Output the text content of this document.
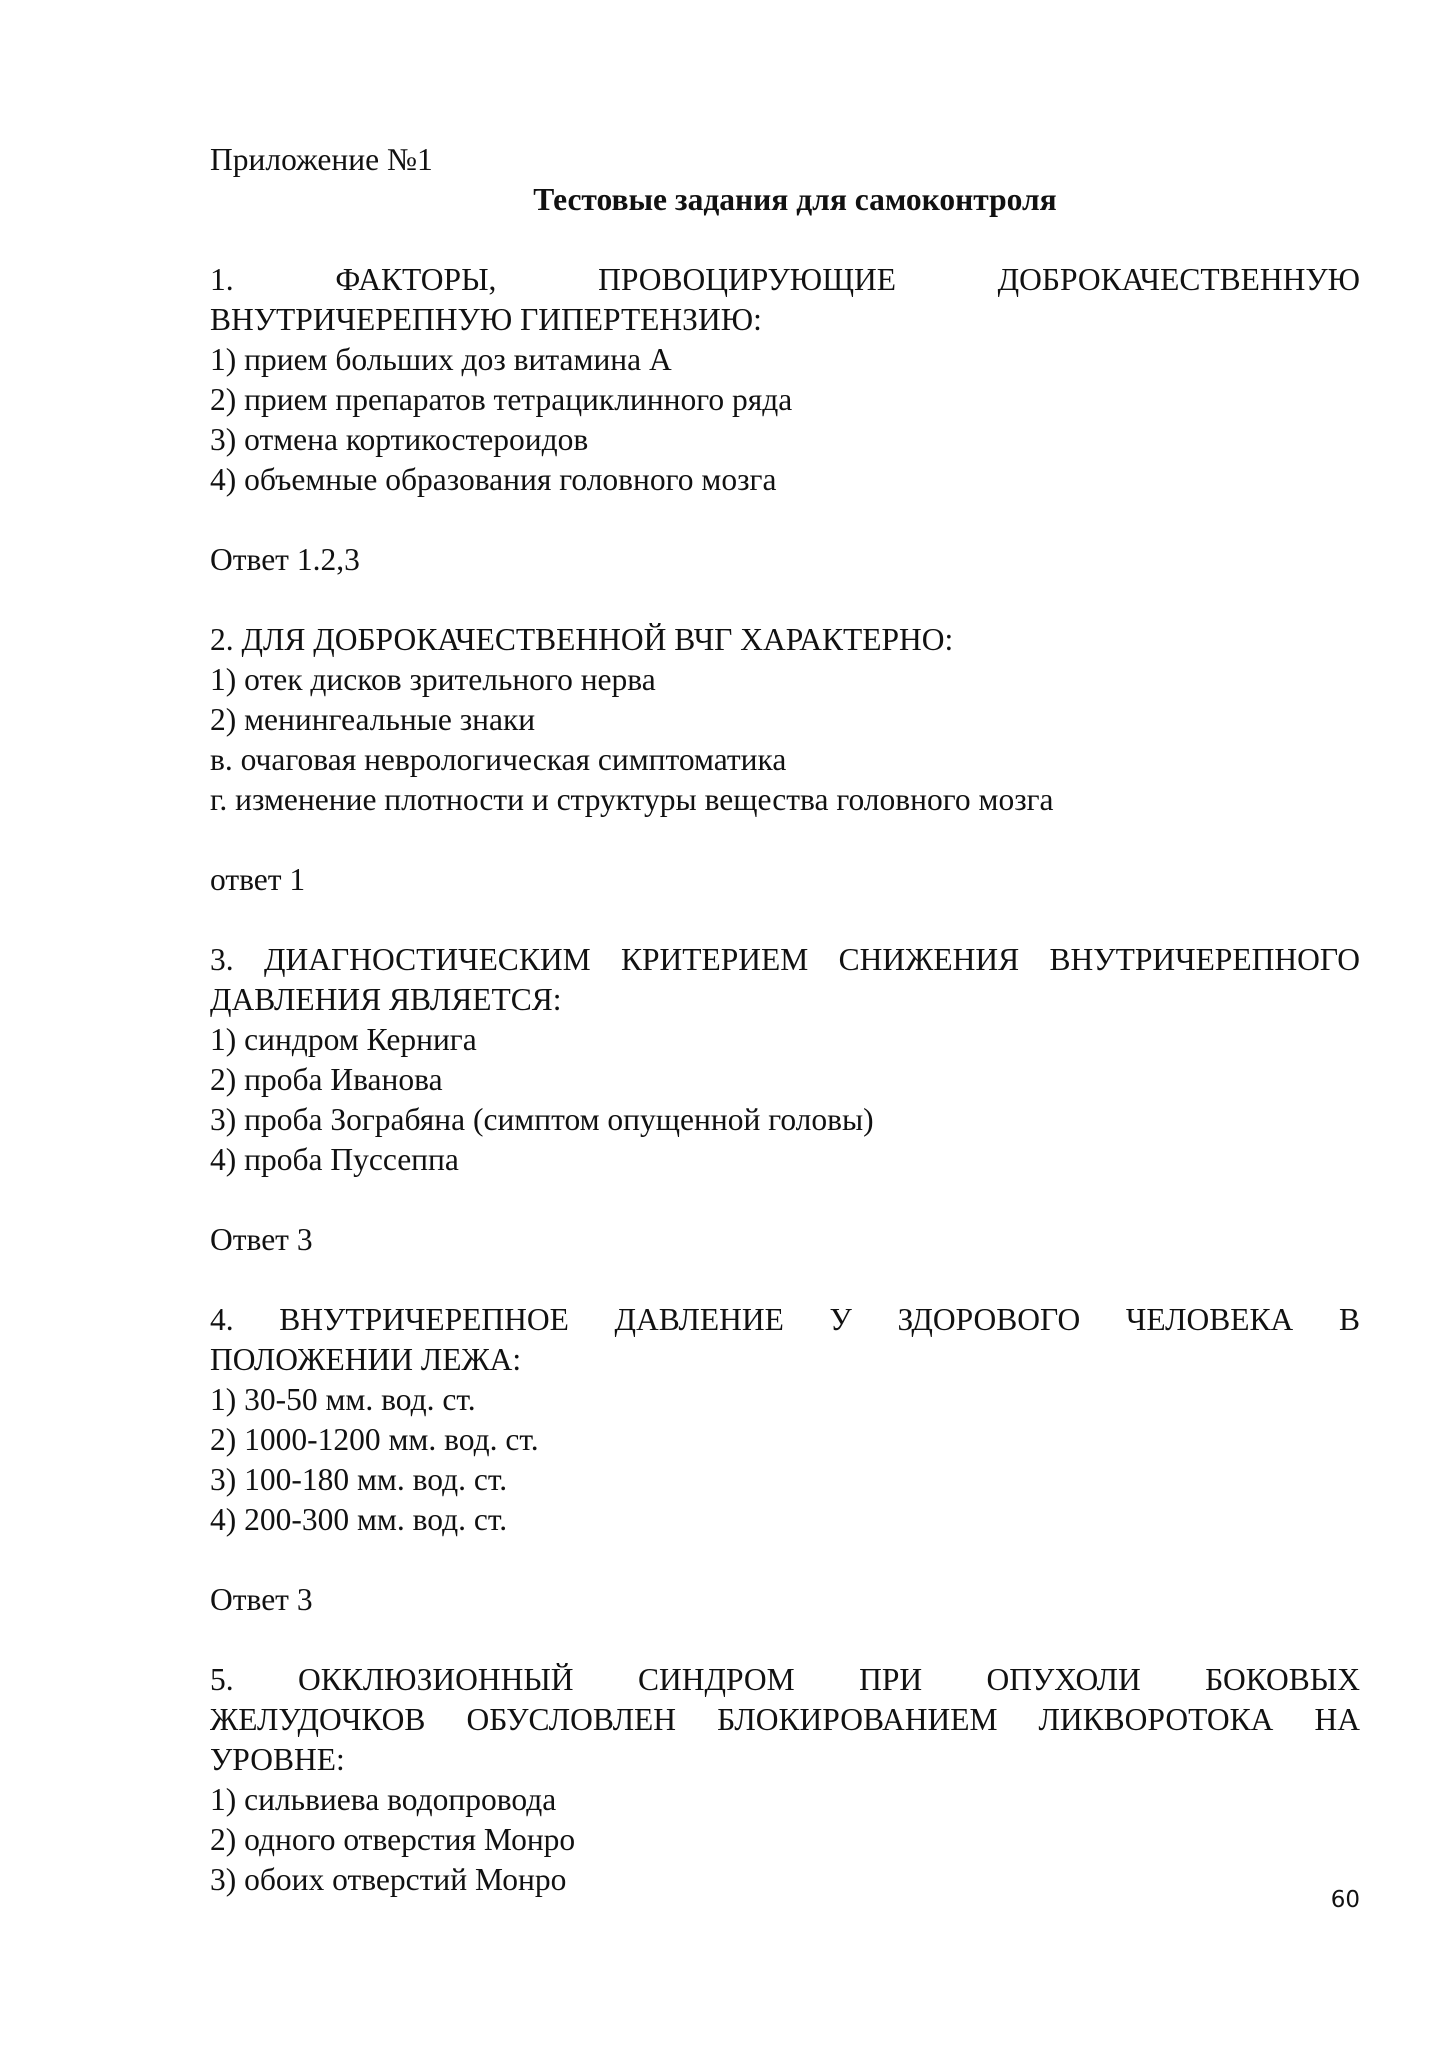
Приложение №1
Тестовые задания для самоконтроля
1. ФАКТОРЫ, ПРОВОЦИРУЮЩИЕ ДОБРОКАЧЕСТВЕННУЮ
ВНУТРИЧЕРЕПНУЮ ГИПЕРТЕНЗИЮ:
1) прием больших доз витамина А
2) прием препаратов тетрациклинного ряда
3) отмена кортикостероидов
4) объемные образования головного мозга
Ответ 1.2,3
2. ДЛЯ ДОБРОКАЧЕСТВЕННОЙ ВЧГ ХАРАКТЕРНО:
1) отек дисков зрительного нерва
2) менингеальные знаки
в. очаговая неврологическая симптоматика
г. изменение плотности и структуры вещества головного мозга
ответ 1
3. ДИАГНОСТИЧЕСКИМ КРИТЕРИЕМ СНИЖЕНИЯ ВНУТРИЧЕРЕПНОГО
ДАВЛЕНИЯ ЯВЛЯЕТСЯ:
1) синдром Кернига
2) проба Иванова
3) проба Зограбяна (симптом опущенной головы)
4) проба Пуссеппа
Ответ 3
4. ВНУТРИЧЕРЕПНОЕ ДАВЛЕНИЕ У ЗДОРОВОГО ЧЕЛОВЕКА В
ПОЛОЖЕНИИ ЛЕЖА:
1) 30-50 мм. вод. ст.
2) 1000-1200 мм. вод. ст.
3) 100-180 мм. вод. ст.
4) 200-300 мм. вод. ст.
Ответ 3
5. ОККЛЮЗИОННЫЙ СИНДРОМ ПРИ ОПУХОЛИ БОКОВЫХ
ЖЕЛУДОЧКОВ ОБУСЛОВЛЕН БЛОКИРОВАНИЕМ ЛИКВОРОТОКА НА
УРОВНЕ:
1) сильвиева водопровода
2) одного отверстия Монро
3) обоих отверстий Монро
60
